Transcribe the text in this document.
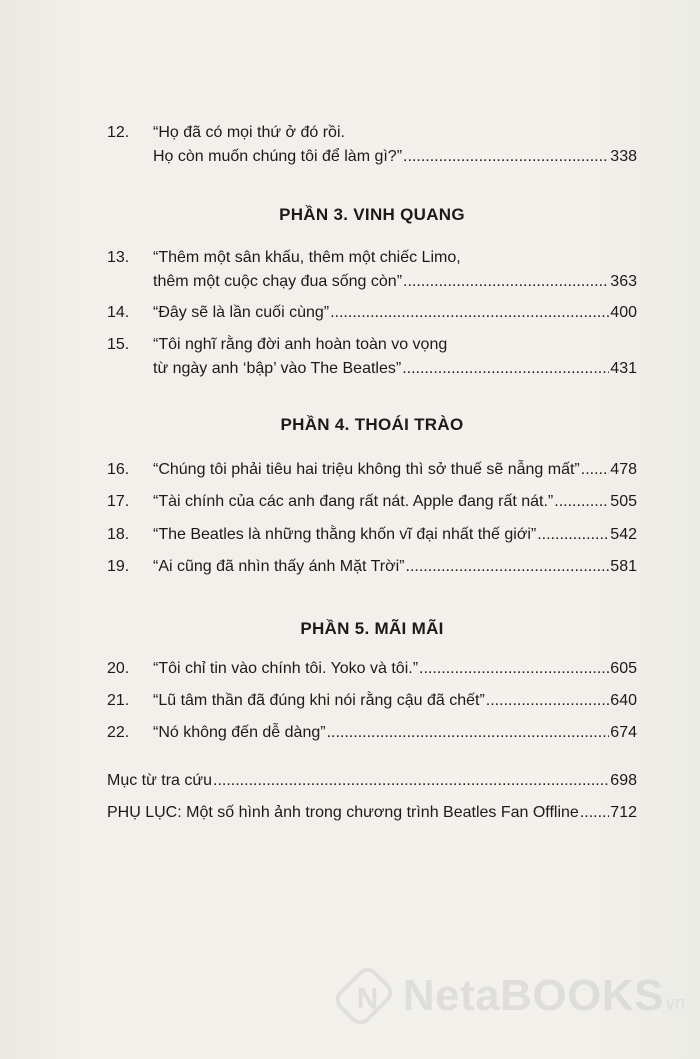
12.	“Họ đã có mọi thứ ở đó rồi.
Họ còn muốn chúng tôi để làm gì?” .....	338
PHẦN 3. VINH QUANG
13.	“Thêm một sân khấu, thêm một chiếc Limo,
thêm một cuộc chạy đua sống còn” .....	363
14.	“Đây sẽ là lần cuối cùng” .....	400
15.	“Tôi nghĩ rằng đời anh hoàn toàn vo vọng
từ ngày anh ‘bập’ vào The Beatles” .....	431
PHẦN 4. THOÁI TRÀO
16.	“Chúng tôi phải tiêu hai triệu không thì sở thuế sẽ nẫng mất” ..... 478
17.	“Tài chính của các anh đang rất nát. Apple đang rất nát.” .....	505
18.	“The Beatles là những thằng khốn vĩ đại nhất thế giới” .....	542
19.	“Ai cũng đã nhìn thấy ánh Mặt Trời” .....	581
PHẦN 5. MÃI MÃI
20.	“Tôi chỉ tin vào chính tôi. Yoko và tôi.” .....	605
21.	“Lũ tâm thần đã đúng khi nói rằng cậu đã chết” .....	640
22.	“Nó không đến dễ dàng” .....	674
Mục từ tra cứu .....	698
PHỤ LỤC: Một số hình ảnh trong chương trình Beatles Fan Offline ..... 712
N
NetaBOOKS vn
